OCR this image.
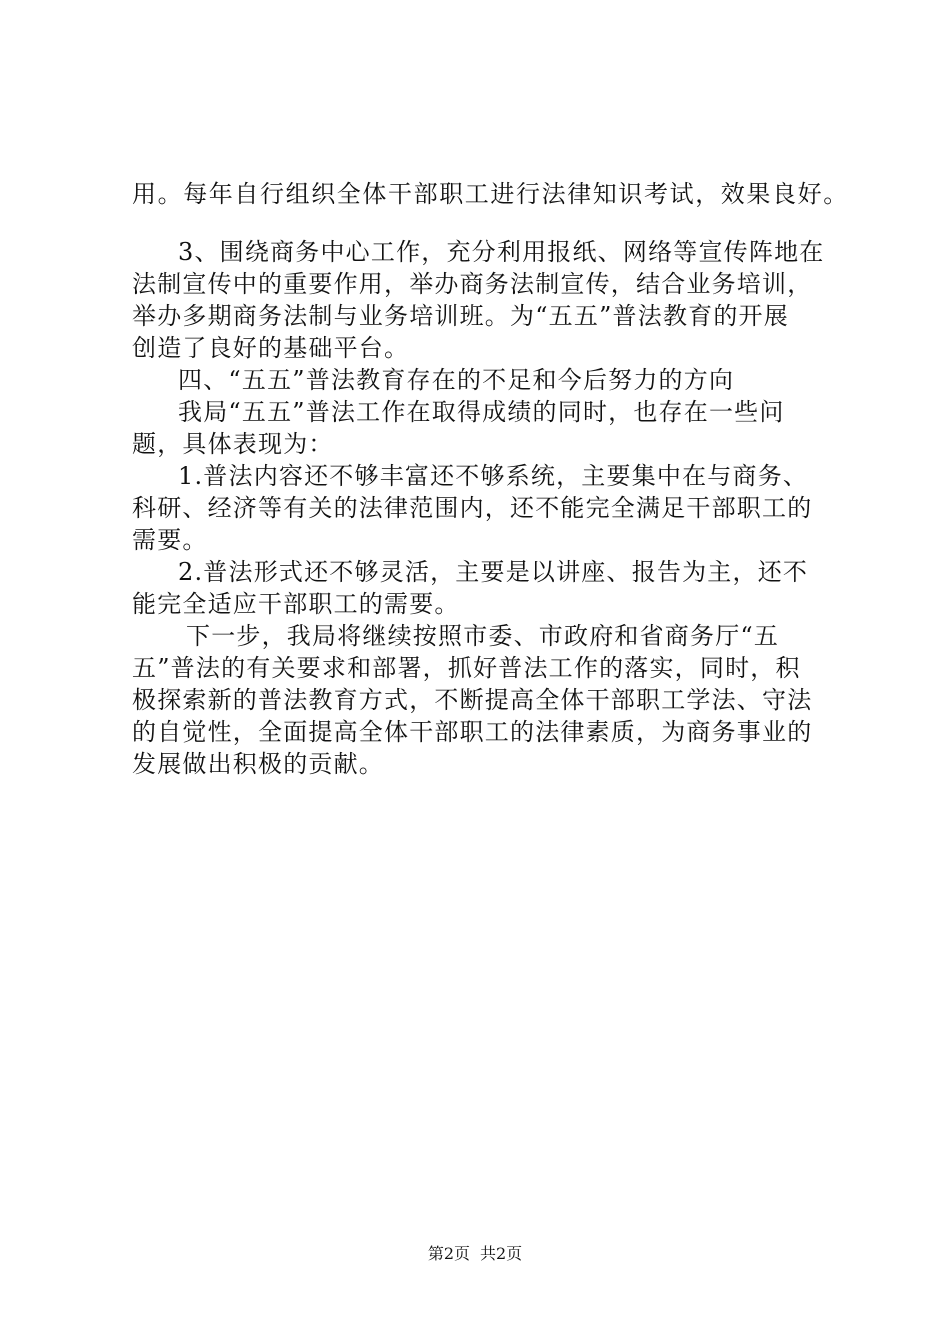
用。每年自行组织全体干部职工进行法律知识考试，效果良好。
3、围绕商务中心工作，充分利用报纸、网络等宣传阵地在
法制宣传中的重要作用，举办商务法制宣传，结合业务培训，
举办多期商务法制与业务培训班。为“五五”普法教育的开展
创造了良好的基础平台。
四、“五五”普法教育存在的不足和今后努力的方向
我局“五五”普法工作在取得成绩的同时，也存在一些问
题，具体表现为：
1.普法内容还不够丰富还不够系统，主要集中在与商务、
科研、经济等有关的法律范围内，还不能完全满足干部职工的
需要。
2.普法形式还不够灵活，主要是以讲座、报告为主，还不
能完全适应干部职工的需要。
下一步，我局将继续按照市委、市政府和省商务厅“五
五”普法的有关要求和部署，抓好普法工作的落实，同时，积
极探索新的普法教育方式，不断提高全体干部职工学法、守法
的自觉性，全面提高全体干部职工的法律素质，为商务事业的
发展做出积极的贡献。
第2页 共2页
